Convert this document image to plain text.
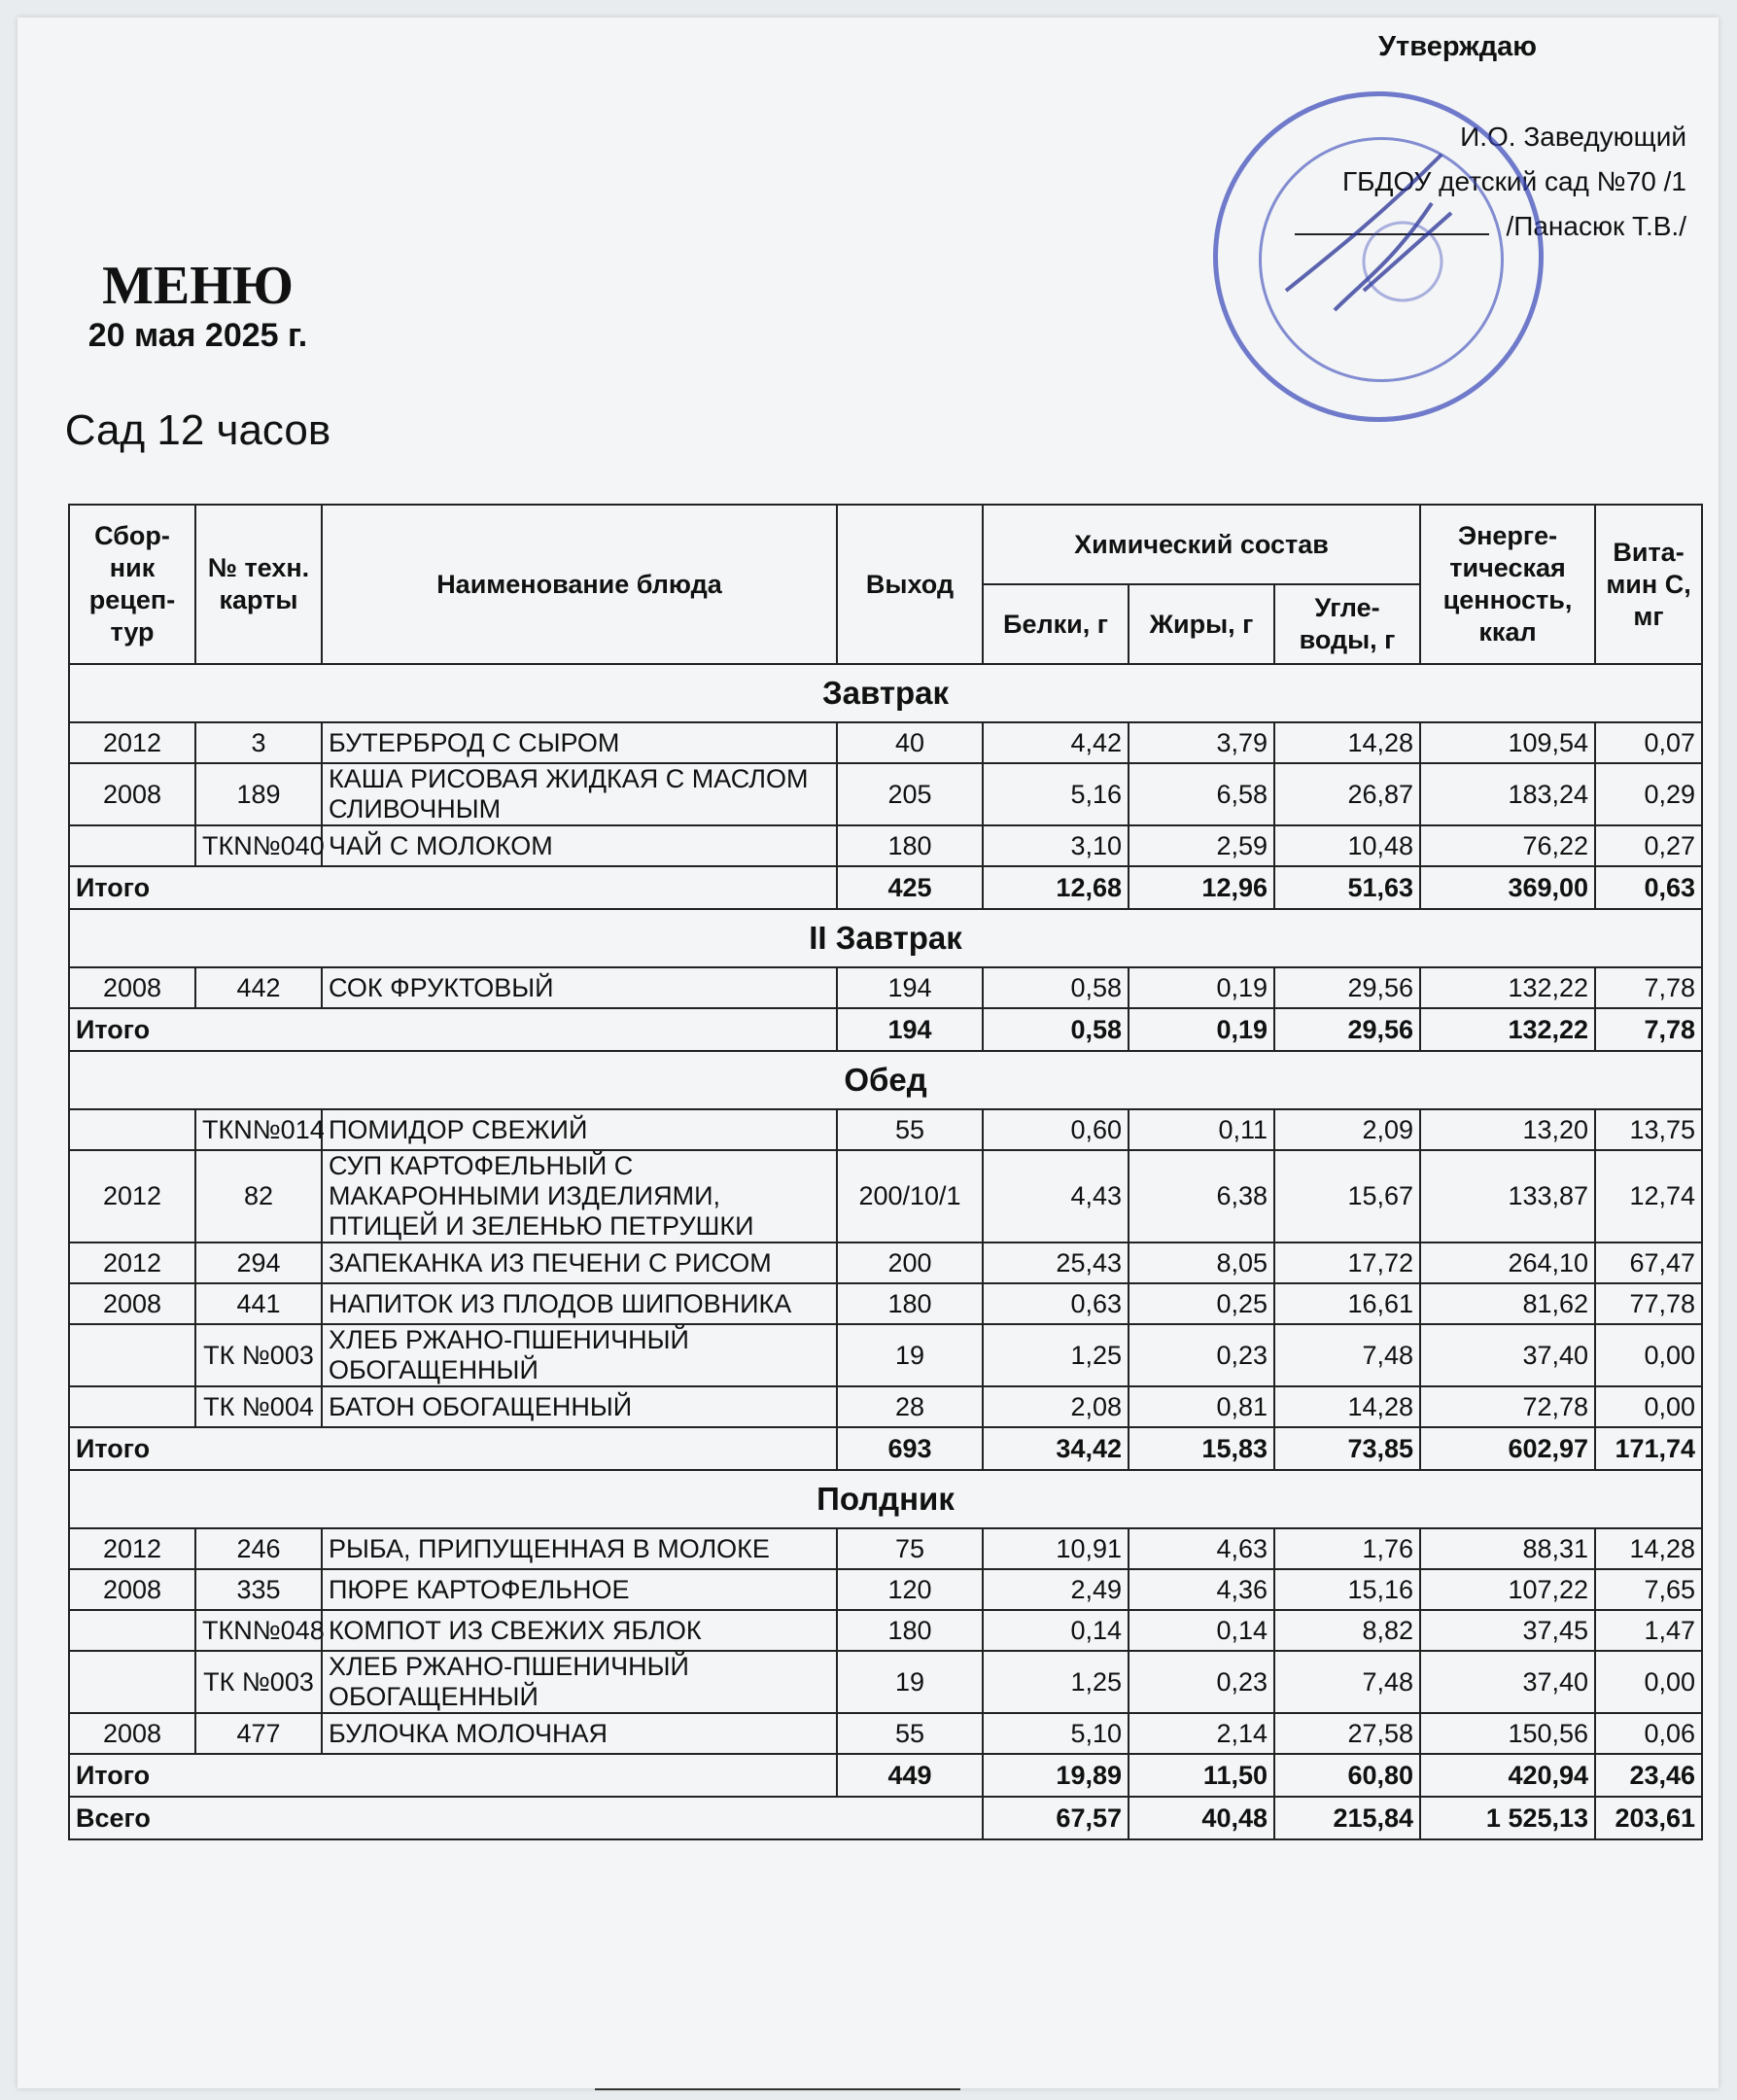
Утверждаю
И.О. Заведующий
ГБДОУ детский сад №70 /1
/Панасюк Т.В./
МЕНЮ
20 мая 2025 г.
Сад 12 часов
Сбор-ник рецеп-тур	№ техн. карты	Наименование блюда	Выход	Химический состав			Энерге-тическая ценность, ккал	Вита-мин С, мг
				Белки, г	Жиры, г	Угле-воды, г		
Завтрак								
2012	3	БУТЕРБРОД С СЫРОМ	40	4,42	3,79	14,28	109,54	0,07
2008	189	КАША РИСОВАЯ ЖИДКАЯ С МАСЛОМ СЛИВОЧНЫМ	205	5,16	6,58	26,87	183,24	0,29
	ТКN№040	ЧАЙ С МОЛОКОМ	180	3,10	2,59	10,48	76,22	0,27
Итого			425	12,68	12,96	51,63	369,00	0,63
II Завтрак								
2008	442	СОК ФРУКТОВЫЙ	194	0,58	0,19	29,56	132,22	7,78
Итого			194	0,58	0,19	29,56	132,22	7,78
Обед								
	ТКN№014	ПОМИДОР СВЕЖИЙ	55	0,60	0,11	2,09	13,20	13,75
2012	82	СУП КАРТОФЕЛЬНЫЙ С МАКАРОННЫМИ ИЗДЕЛИЯМИ, ПТИЦЕЙ И ЗЕЛЕНЬЮ ПЕТРУШКИ	200/10/1	4,43	6,38	15,67	133,87	12,74
2012	294	ЗАПЕКАНКА ИЗ ПЕЧЕНИ С РИСОМ	200	25,43	8,05	17,72	264,10	67,47
2008	441	НАПИТОК ИЗ ПЛОДОВ ШИПОВНИКА	180	0,63	0,25	16,61	81,62	77,78
	ТК №003	ХЛЕБ РЖАНО-ПШЕНИЧНЫЙ ОБОГАЩЕННЫЙ	19	1,25	0,23	7,48	37,40	0,00
	ТК №004	БАТОН ОБОГАЩЕННЫЙ	28	2,08	0,81	14,28	72,78	0,00
Итого			693	34,42	15,83	73,85	602,97	171,74
Полдник								
2012	246	РЫБА, ПРИПУЩЕННАЯ В МОЛОКЕ	75	10,91	4,63	1,76	88,31	14,28
2008	335	ПЮРЕ КАРТОФЕЛЬНОЕ	120	2,49	4,36	15,16	107,22	7,65
	ТКN№048	КОМПОТ ИЗ СВЕЖИХ ЯБЛОК	180	0,14	0,14	8,82	37,45	1,47
	ТК №003	ХЛЕБ РЖАНО-ПШЕНИЧНЫЙ ОБОГАЩЕННЫЙ	19	1,25	0,23	7,48	37,40	0,00
2008	477	БУЛОЧКА МОЛОЧНАЯ	55	5,10	2,14	27,58	150,56	0,06
Итого			449	19,89	11,50	60,80	420,94	23,46
Всего				67,57	40,48	215,84	1 525,13	203,61
